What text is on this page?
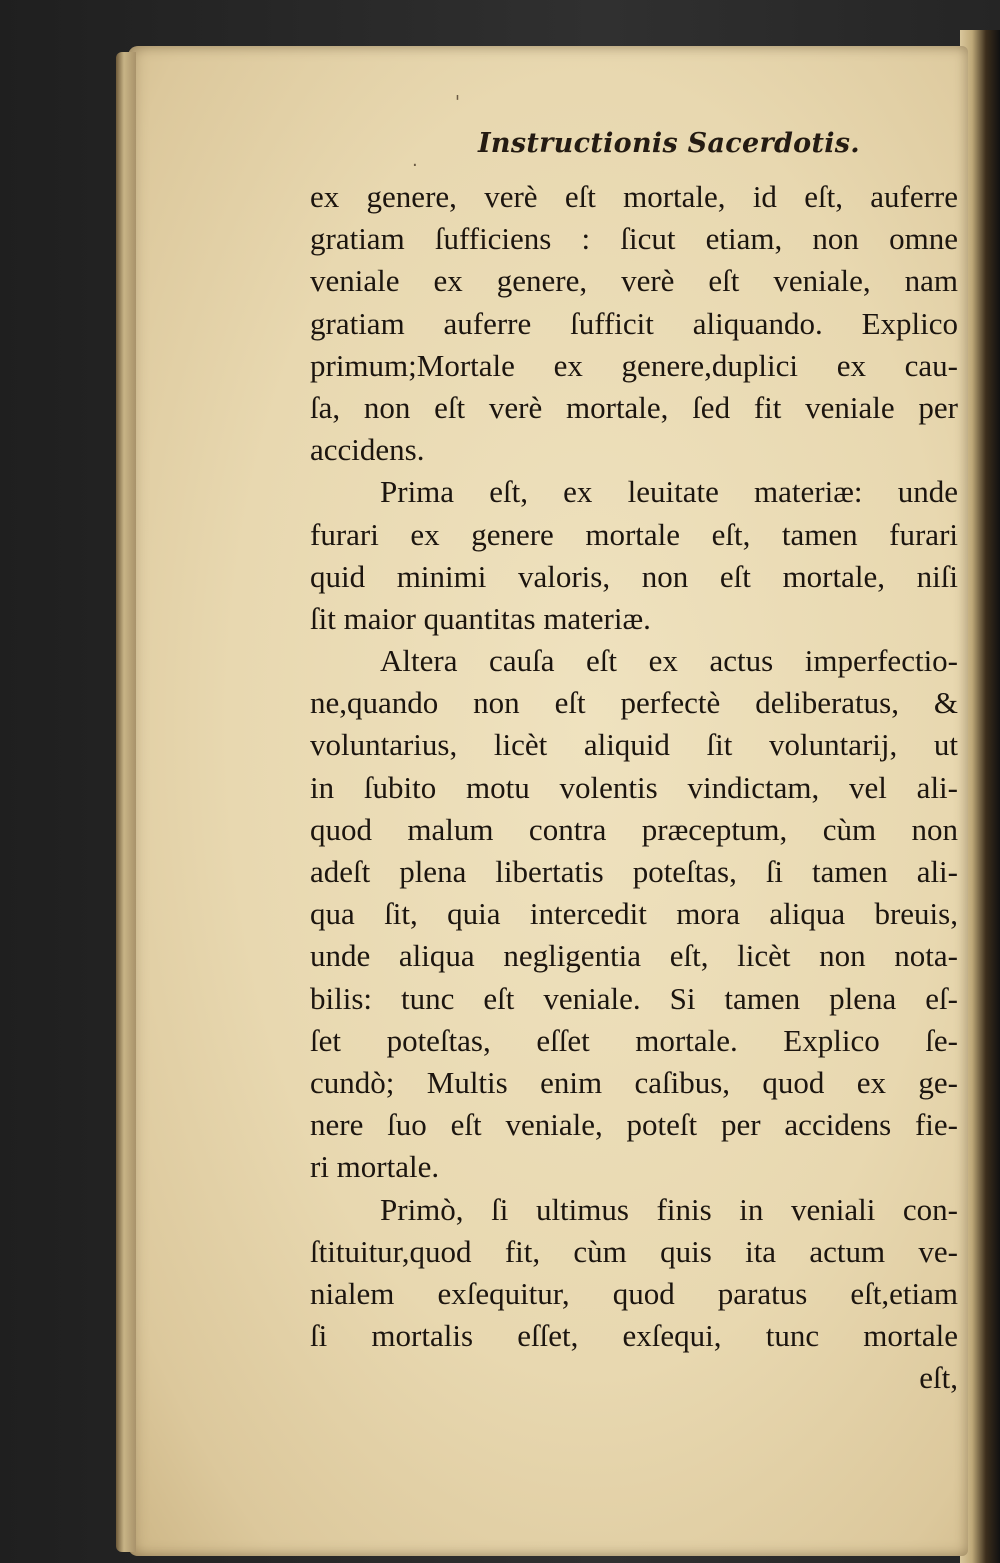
Instructionis Sacerdotis.
ex genere, verè eſt mortale, id eſt, auferre
gratiam ſufficiens : ſicut etiam, non omne
veniale ex genere, verè eſt veniale, nam
gratiam auferre ſufficit aliquando. Explico
primum;Mortale ex genere,duplici ex cau-
ſa, non eſt verè mortale, ſed fit veniale per
accidens.
Prima eſt, ex leuitate materiæ: unde
furari ex genere mortale eſt, tamen furari
quid minimi valoris, non eſt mortale, niſi
ſit maior quantitas materiæ.
Altera cauſa eſt ex actus imperfectio-
ne,quando non eſt perfectè deliberatus, &
voluntarius, licèt aliquid ſit voluntarij, ut
in ſubito motu volentis vindictam, vel ali-
quod malum contra præceptum, cùm non
adeſt plena libertatis poteſtas, ſi tamen ali-
qua ſit, quia intercedit mora aliqua breuis,
unde aliqua negligentia eſt, licèt non nota-
bilis: tunc eſt veniale. Si tamen plena eſ-
ſet poteſtas, eſſet mortale. Explico ſe-
cundò; Multis enim caſibus, quod ex ge-
nere ſuo eſt veniale, poteſt per accidens fie-
ri mortale.
Primò, ſi ultimus finis in veniali con-
ſtituitur,quod fit, cùm quis ita actum ve-
nialem exſequitur, quod paratus eſt,etiam
ſi mortalis eſſet, exſequi, tunc mortale
eſt,
'
.
